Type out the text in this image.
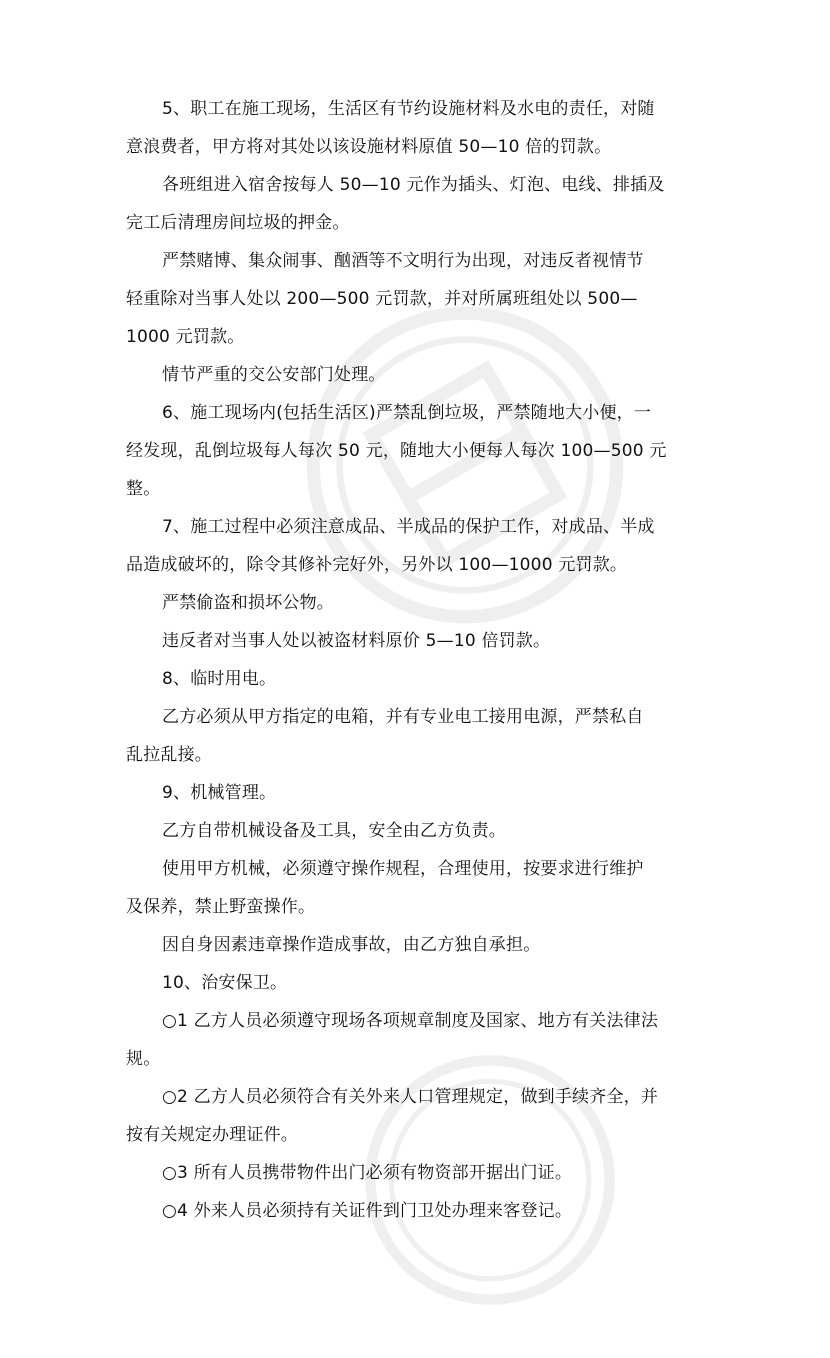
5、职工在施工现场，生活区有节约设施材料及水电的责任，对随
意浪费者，甲方将对其处以该设施材料原值 50—10 倍的罚款。
各班组进入宿舍按每人 50—10 元作为插头、灯泡、电线、排插及
完工后清理房间垃圾的押金。
严禁赌博、集众闹事、酗酒等不文明行为出现，对违反者视情节
轻重除对当事人处以 200—500 元罚款，并对所属班组处以 500—
1000 元罚款。
情节严重的交公安部门处理。
6、施工现场内(包括生活区)严禁乱倒垃圾，严禁随地大小便，一
经发现，乱倒垃圾每人每次 50 元，随地大小便每人每次 100—500 元
整。
7、施工过程中必须注意成品、半成品的保护工作，对成品、半成
品造成破坏的，除令其修补完好外，另外以 100—1000 元罚款。
严禁偷盗和损坏公物。
违反者对当事人处以被盗材料原价 5—10 倍罚款。
8、临时用电。
乙方必须从甲方指定的电箱，并有专业电工接用电源，严禁私自
乱拉乱接。
9、机械管理。
乙方自带机械设备及工具，安全由乙方负责。
使用甲方机械，必须遵守操作规程，合理使用，按要求进行维护
及保养，禁止野蛮操作。
因自身因素违章操作造成事故，由乙方独自承担。
10、治安保卫。
○1 乙方人员必须遵守现场各项规章制度及国家、地方有关法律法
规。
○2 乙方人员必须符合有关外来人口管理规定，做到手续齐全，并
按有关规定办理证件。
○3 所有人员携带物件出门必须有物资部开据出门证。
○4 外来人员必须持有关证件到门卫处办理来客登记。
